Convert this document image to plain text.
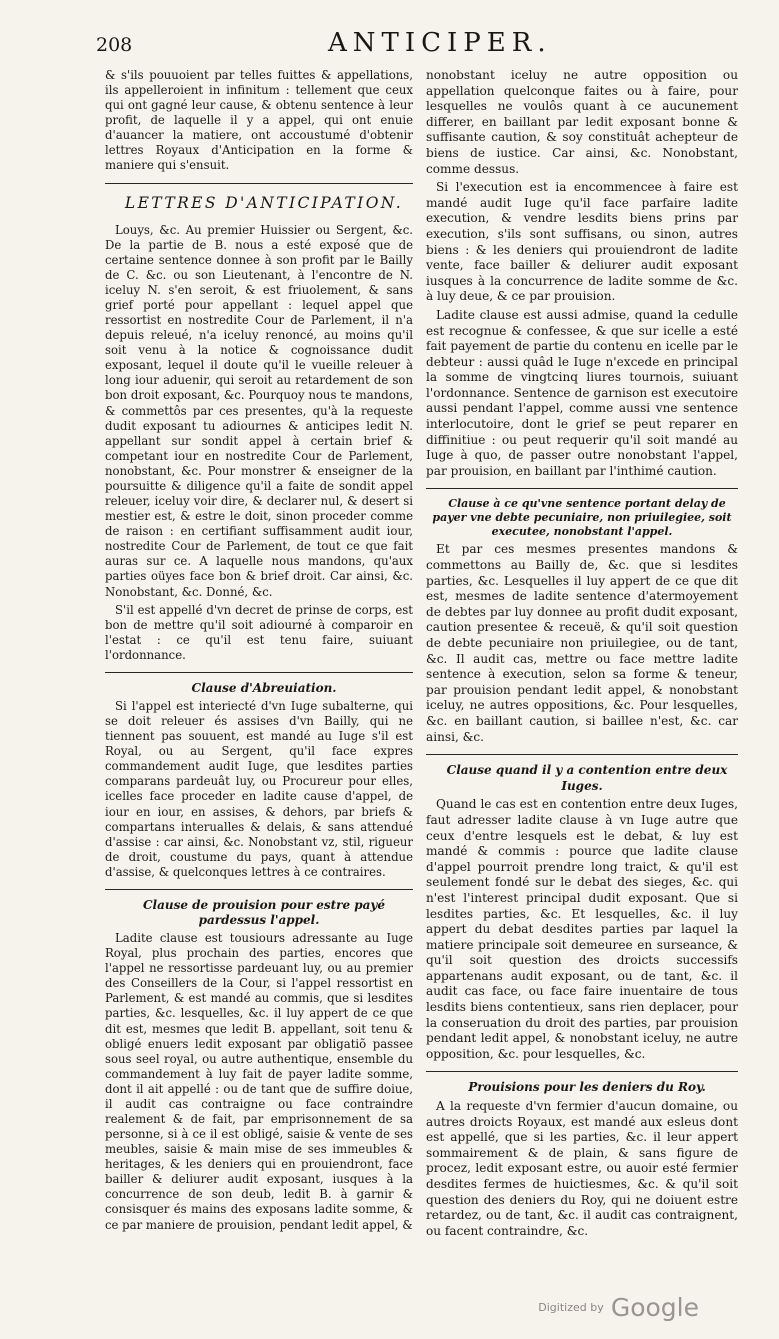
208	ANTICIPER.

& s'ils pouuoient par telles fuittes & appellations, ils appelleroient in infinitum : tellement que ceux qui ont gagné leur cause, & obtenu sentence à leur profit, de laquelle il y a appel, qui ont enuie d'auancer la matiere, ont accoustumé d'obtenir lettres Royaux d'Anticipation en la forme & maniere qui s'ensuit.

LETTRES D'ANTICIPATION.

Louys, &c. Au premier Huissier ou Sergent, &c. De la partie de B. nous a esté exposé que de certaine sentence donnee à son profit par le Bailly de C. &c. ou son Lieutenant, à l'encontre de N. iceluy N. s'en seroit, & est friuolement, & sans grief porté pour appellant : lequel appel que ressortist en nostredite Cour de Parlement, il n'a depuis releué, n'a iceluy renoncé, au moins qu'il soit venu à la notice & cognoissance dudit exposant, lequel il doute qu'il le vueille releuer à long iour aduenir, qui seroit au retardement de son bon droit exposant, &c. Pourquoy nous te mandons, & commettôs par ces presentes, qu'à la requeste dudit exposant tu adiournes & anticipes ledit N. appellant sur sondit appel à certain brief & competant iour en nostredite Cour de Parlement, nonobstant, &c. Pour monstrer & enseigner de la poursuitte & diligence qu'il a faite de sondit appel releuer, iceluy voir dire, & declarer nul, & desert si mestier est, & estre le doit, sinon proceder comme de raison : en certifiant suffisamment audit iour, nostredite Cour de Parlement, de tout ce que fait auras sur ce. A laquelle nous mandons, qu'aux parties oüyes face bon & brief droit. Car ainsi, &c. Nonobstant, &c. Donné, &c.

S'il est appellé d'vn decret de prinse de corps, est bon de mettre qu'il soit adiourné à comparoir en l'estat : ce qu'il est tenu faire, suiuant l'ordonnance.

Clause d'Abreuiation.

Si l'appel est interiecté d'vn Iuge subalterne, qui se doit releuer és assises d'vn Bailly, qui ne tiennent pas souuent, est mandé au Iuge s'il est Royal, ou au Sergent, qu'il face expres commandement audit Iuge, que lesdites parties comparans pardeuât luy, ou Procureur pour elles, icelles face proceder en ladite cause d'appel, de iour en iour, en assises, & dehors, par briefs & compartans interualles & delais, & sans attendué d'assise : car ainsi, &c. Nonobstant vz, stil, rigueur de droit, coustume du pays, quant à attendue d'assise, & quelconques lettres à ce contraires.

Clause de prouision pour estre payé pardessus l'appel.

Ladite clause est tousiours adressante au Iuge Royal, plus prochain des parties, encores que l'appel ne ressortisse pardeuant luy, ou au premier des Conseillers de la Cour, si l'appel ressortist en Parlement, & est mandé au commis, que si lesdites parties, &c. lesquelles, &c. il luy appert de ce que dit est, mesmes que ledit B. appellant, soit tenu & obligé enuers ledit exposant par obligatiõ passee sous seel royal, ou autre authentique, ensemble du commandement à luy fait de payer ladite somme, dont il ait appellé : ou de tant que de suffire doiue, il audit cas contraigne ou face contraindre realement & de fait, par emprisonnement de sa personne, si à ce il est obligé, saisie & vente de ses meubles, saisie & main mise de ses immeubles & heritages, & les deniers qui en prouiendront, face bailler & deliurer audit exposant, iusques à la concurrence de son deub, ledit B. à garnir & consisquer és mains des exposans ladite somme, & ce par maniere de prouision, pendant ledit appel, &

nonobstant iceluy ne autre opposition ou appellation quelconque faites ou à faire, pour lesquelles ne voulôs quant à ce aucunement differer, en baillant par ledit exposant bonne & suffisante caution, & soy constituât achepteur de biens de iustice. Car ainsi, &c. Nonobstant, comme dessus.

Si l'execution est ia encommencee à faire est mandé audit Iuge qu'il face parfaire ladite execution, & vendre lesdits biens prins par execution, s'ils sont suffisans, ou sinon, autres biens : & les deniers qui prouiendront de ladite vente, face bailler & deliurer audit exposant iusques à la concurrence de ladite somme de &c. à luy deue, & ce par prouision.

Ladite clause est aussi admise, quand la cedulle est recognue & confessee, & que sur icelle a esté fait payement de partie du contenu en icelle par le debteur : aussi quâd le Iuge n'excede en principal la somme de vingtcinq liures tournois, suiuant l'ordonnance. Sentence de garnison est executoire aussi pendant l'appel, comme aussi vne sentence interlocutoire, dont le grief se peut reparer en diffinitiue : ou peut requerir qu'il soit mandé au Iuge à quo, de passer outre nonobstant l'appel, par prouision, en baillant par l'inthimé caution.

Clause à ce qu'vne sentence portant delay de payer vne debte pecuniaire, non priuilegiee, soit executee, nonobstant l'appel.

Et par ces mesmes presentes mandons & commettons au Bailly de, &c. que si lesdites parties, &c. Lesquelles il luy appert de ce que dit est, mesmes de ladite sentence d'atermoyement de debtes par luy donnee au profit dudit exposant, caution presentee & receuë, & qu'il soit question de debte pecuniaire non priuilegiee, ou de tant, &c. Il audit cas, mettre ou face mettre ladite sentence à execution, selon sa forme & teneur, par prouision pendant ledit appel, & nonobstant iceluy, ne autres oppositions, &c. Pour lesquelles, &c. en baillant caution, si baillee n'est, &c. car ainsi, &c.

Clause quand il y a contention entre deux Iuges.

Quand le cas est en contention entre deux Iuges, faut adresser ladite clause à vn Iuge autre que ceux d'entre lesquels est le debat, & luy est mandé & commis : pource que ladite clause d'appel pourroit prendre long traict, & qu'il est seulement fondé sur le debat des sieges, &c. qui n'est l'interest principal dudit exposant. Que si lesdites parties, &c. Et lesquelles, &c. il luy appert du debat desdites parties par laquel la matiere principale soit demeuree en surseance, & qu'il soit question des droicts successifs appartenans audit exposant, ou de tant, &c. il audit cas face, ou face faire inuentaire de tous lesdits biens contentieux, sans rien deplacer, pour la conseruation du droit des parties, par prouision pendant ledit appel, & nonobstant iceluy, ne autre opposition, &c. pour lesquelles, &c.

Prouisions pour les deniers du Roy.

A la requeste d'vn fermier d'aucun domaine, ou autres droicts Royaux, est mandé aux esleus dont est appellé, que si les parties, &c. il leur appert sommairement & de plain, & sans figure de procez, ledit exposant estre, ou auoir esté fermier desdites fermes de huictiesmes, &c. & qu'il soit question des deniers du Roy, qui ne doiuent estre retardez, ou de tant, &c. il audit cas contraignent, ou facent contraindre, &c.

$^{Digitized by}$ Google
